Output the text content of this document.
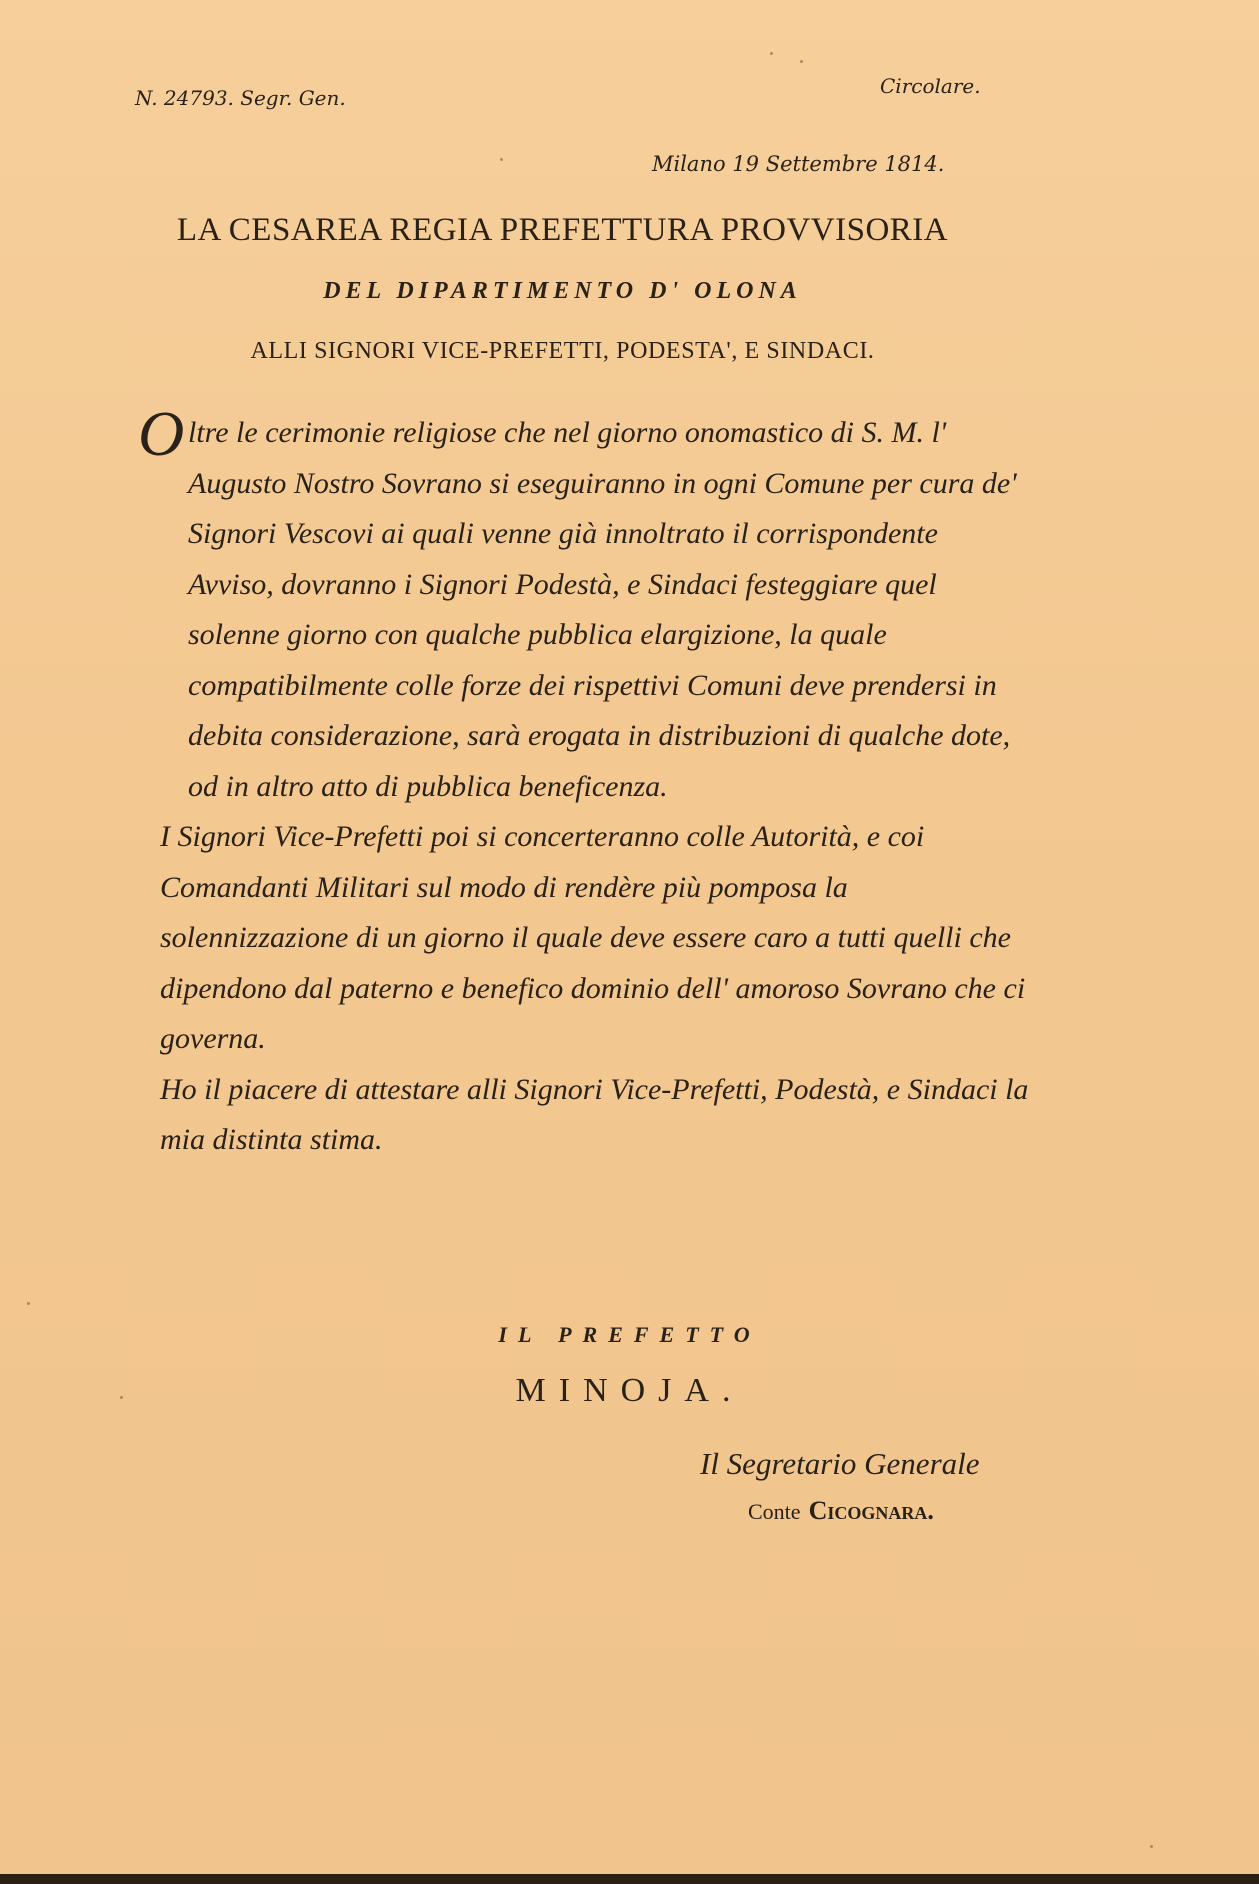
N. 24793. Segr. Gen.	Circolare.
Milano 19 Settembre 1814.
LA CESAREA REGIA PREFETTURA PROVVISORIA
DEL DIPARTIMENTO D' OLONA
ALLI SIGNORI VICE-PREFETTI, PODESTA', E SINDACI.

O ltre le cerimonie religiose che nel giorno onomastico di S. M. l' Augusto Nostro Sovrano si eseguiranno in ogni Comune per cura de' Signori Vescovi ai quali venne già innoltrato il corrispondente Avviso, dovranno i Signori Podestà, e Sindaci festeggiare quel solenne giorno con qualche pubblica elargizione, la quale compatibilmente colle forze dei rispettivi Comuni deve prendersi in debita considerazione, sarà erogata in distribuzioni di qualche dote, od in altro atto di pubblica beneficenza.

I Signori Vice-Prefetti poi si concerteranno colle Autorità, e coi Comandanti Militari sul modo di rendère più pomposa la solennizzazione di un giorno il quale deve essere caro a tutti quelli che dipendono dal paterno e benefico dominio dell' amoroso Sovrano che ci governa.

Ho il piacere di attestare alli Signori Vice-Prefetti, Podestà, e Sindaci la mia distinta stima.

IL PREFETTO
MINOJA.
Il Segretario Generale
Conte Cicognara.
